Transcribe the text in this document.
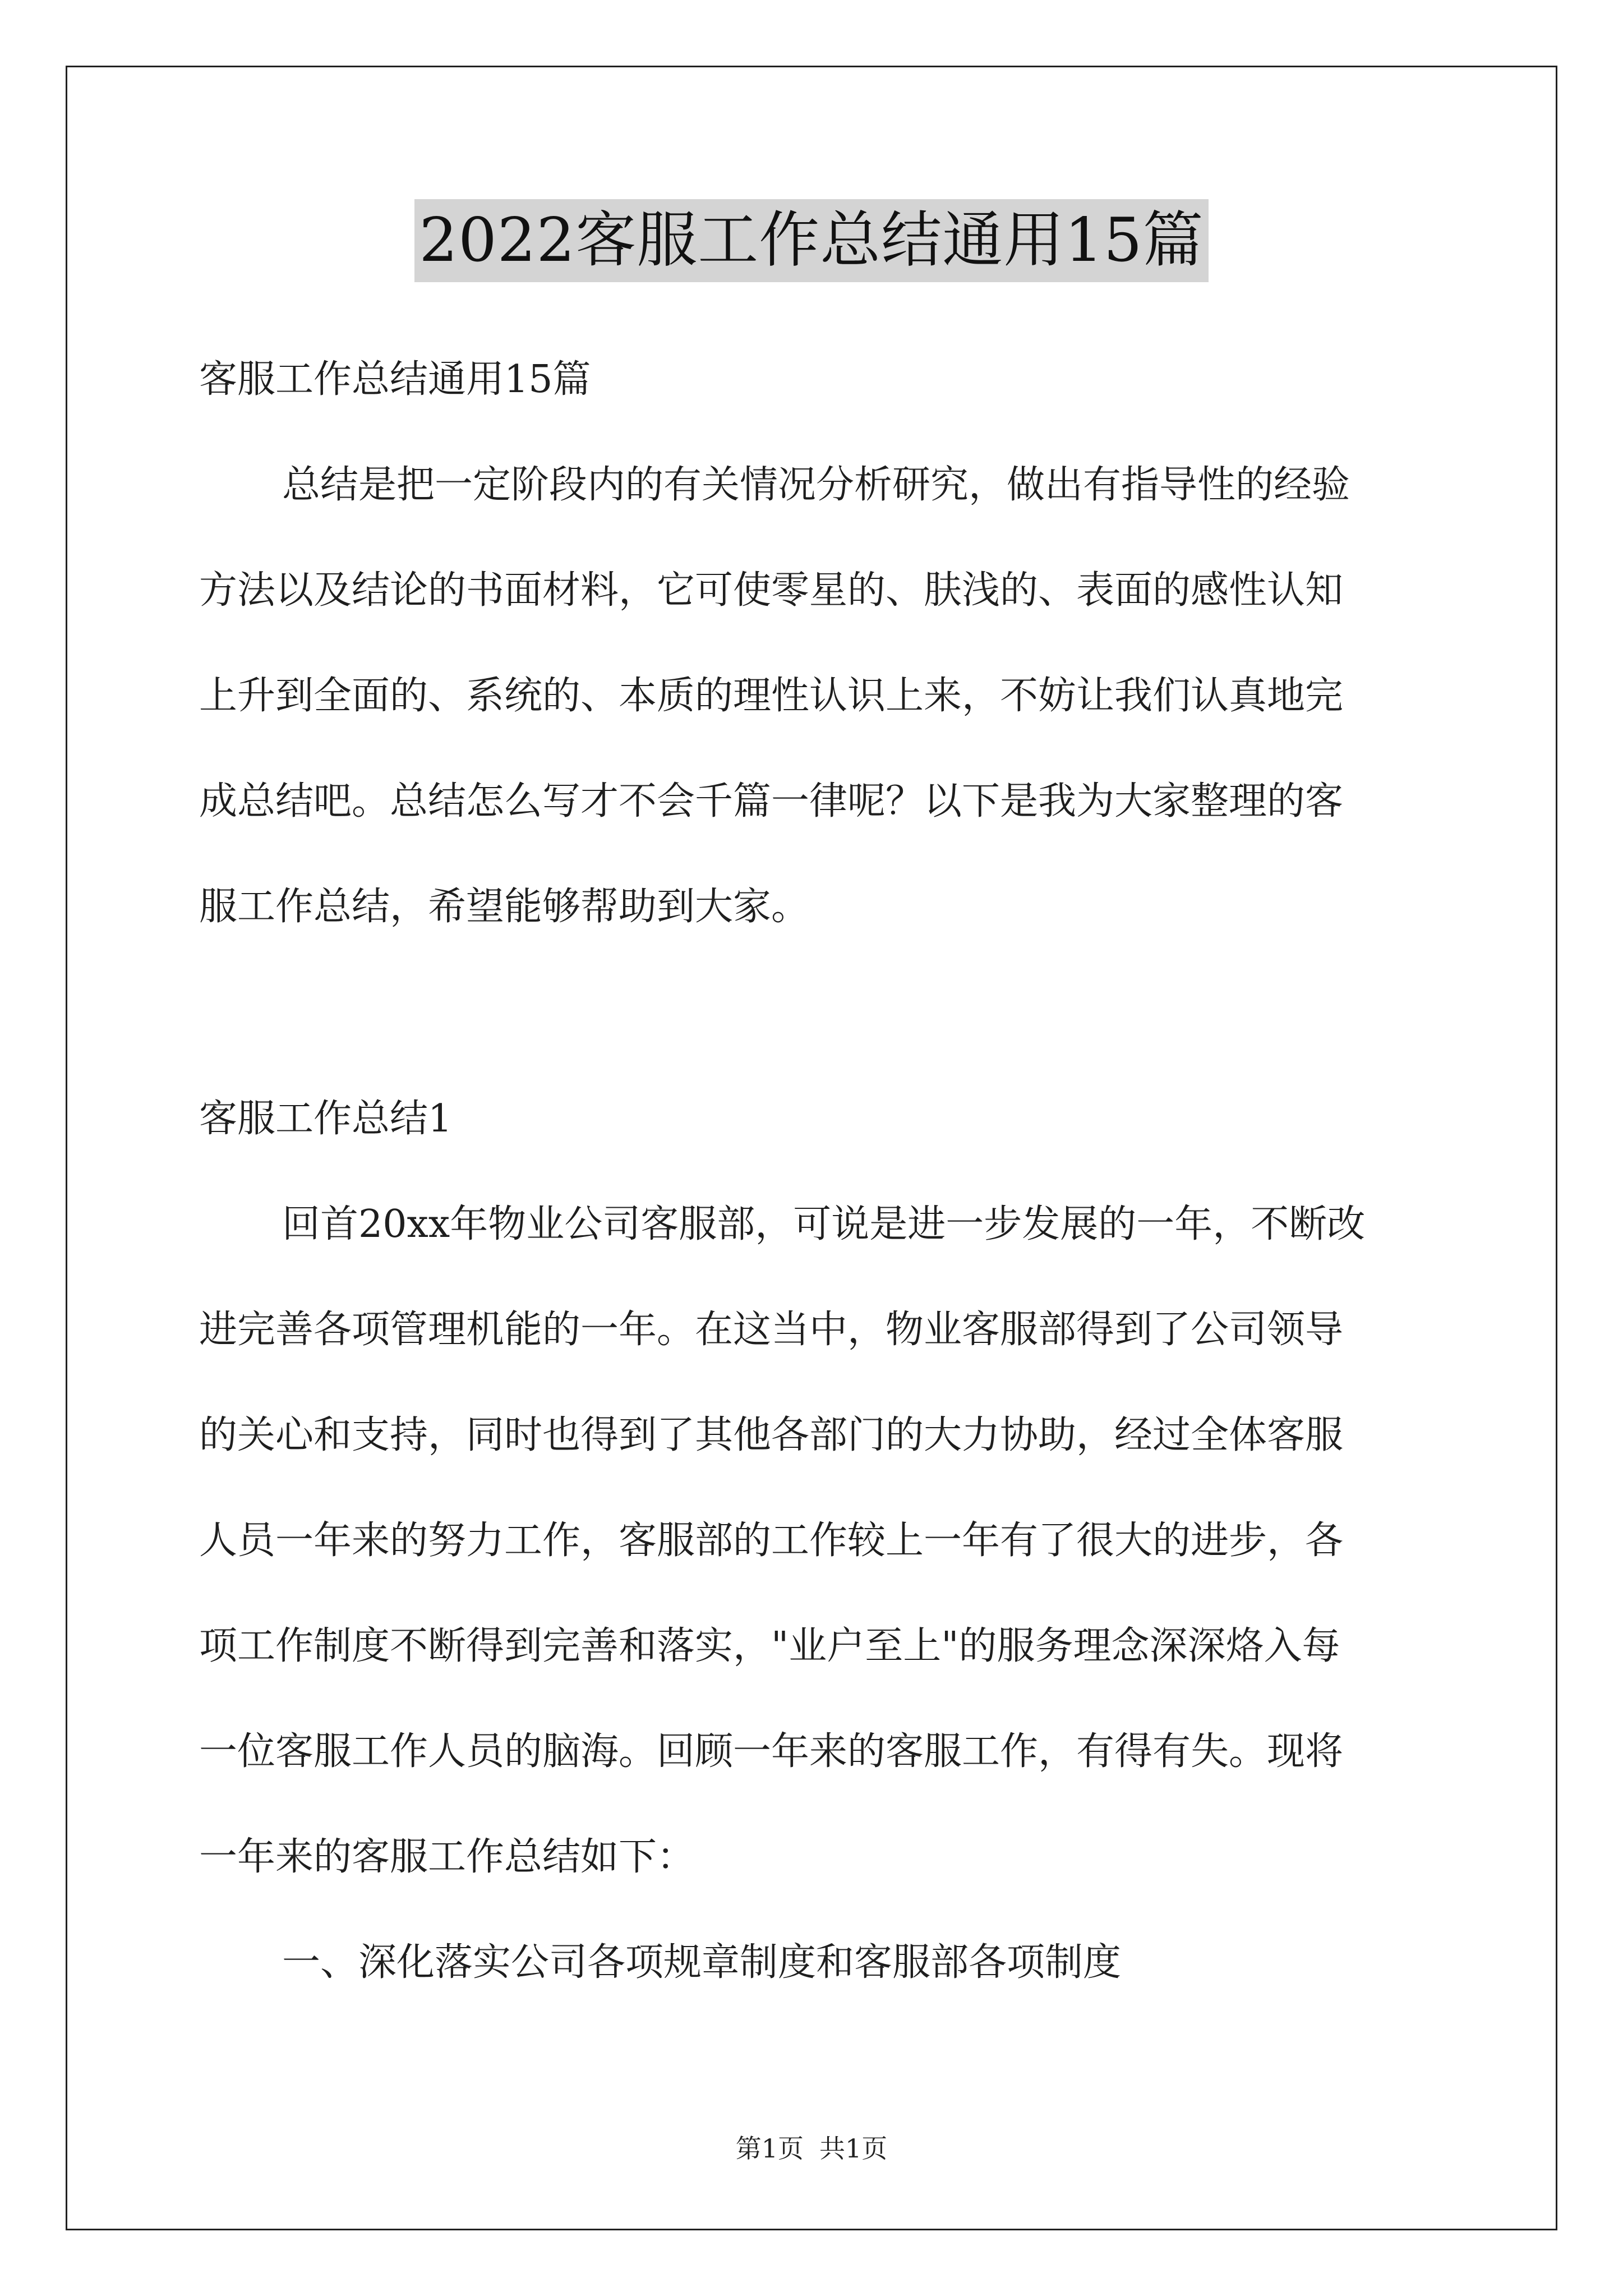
2022客服工作总结通用15篇
客服工作总结通用15篇
总结是把一定阶段内的有关情况分析研究，做出有指导性的经验
方法以及结论的书面材料，它可使零星的、肤浅的、表面的感性认知
上升到全面的、系统的、本质的理性认识上来，不妨让我们认真地完
成总结吧。总结怎么写才不会千篇一律呢？以下是我为大家整理的客
服工作总结，希望能够帮助到大家。
客服工作总结1
回首20xx年物业公司客服部，可说是进一步发展的一年，不断改
进完善各项管理机能的一年。在这当中，物业客服部得到了公司领导
的关心和支持，同时也得到了其他各部门的大力协助，经过全体客服
人员一年来的努力工作，客服部的工作较上一年有了很大的进步，各
项工作制度不断得到完善和落实，"业户至上"的服务理念深深烙入每
一位客服工作人员的脑海。回顾一年来的客服工作，有得有失。现将
一年来的客服工作总结如下：
一、深化落实公司各项规章制度和客服部各项制度
第1页 共1页
